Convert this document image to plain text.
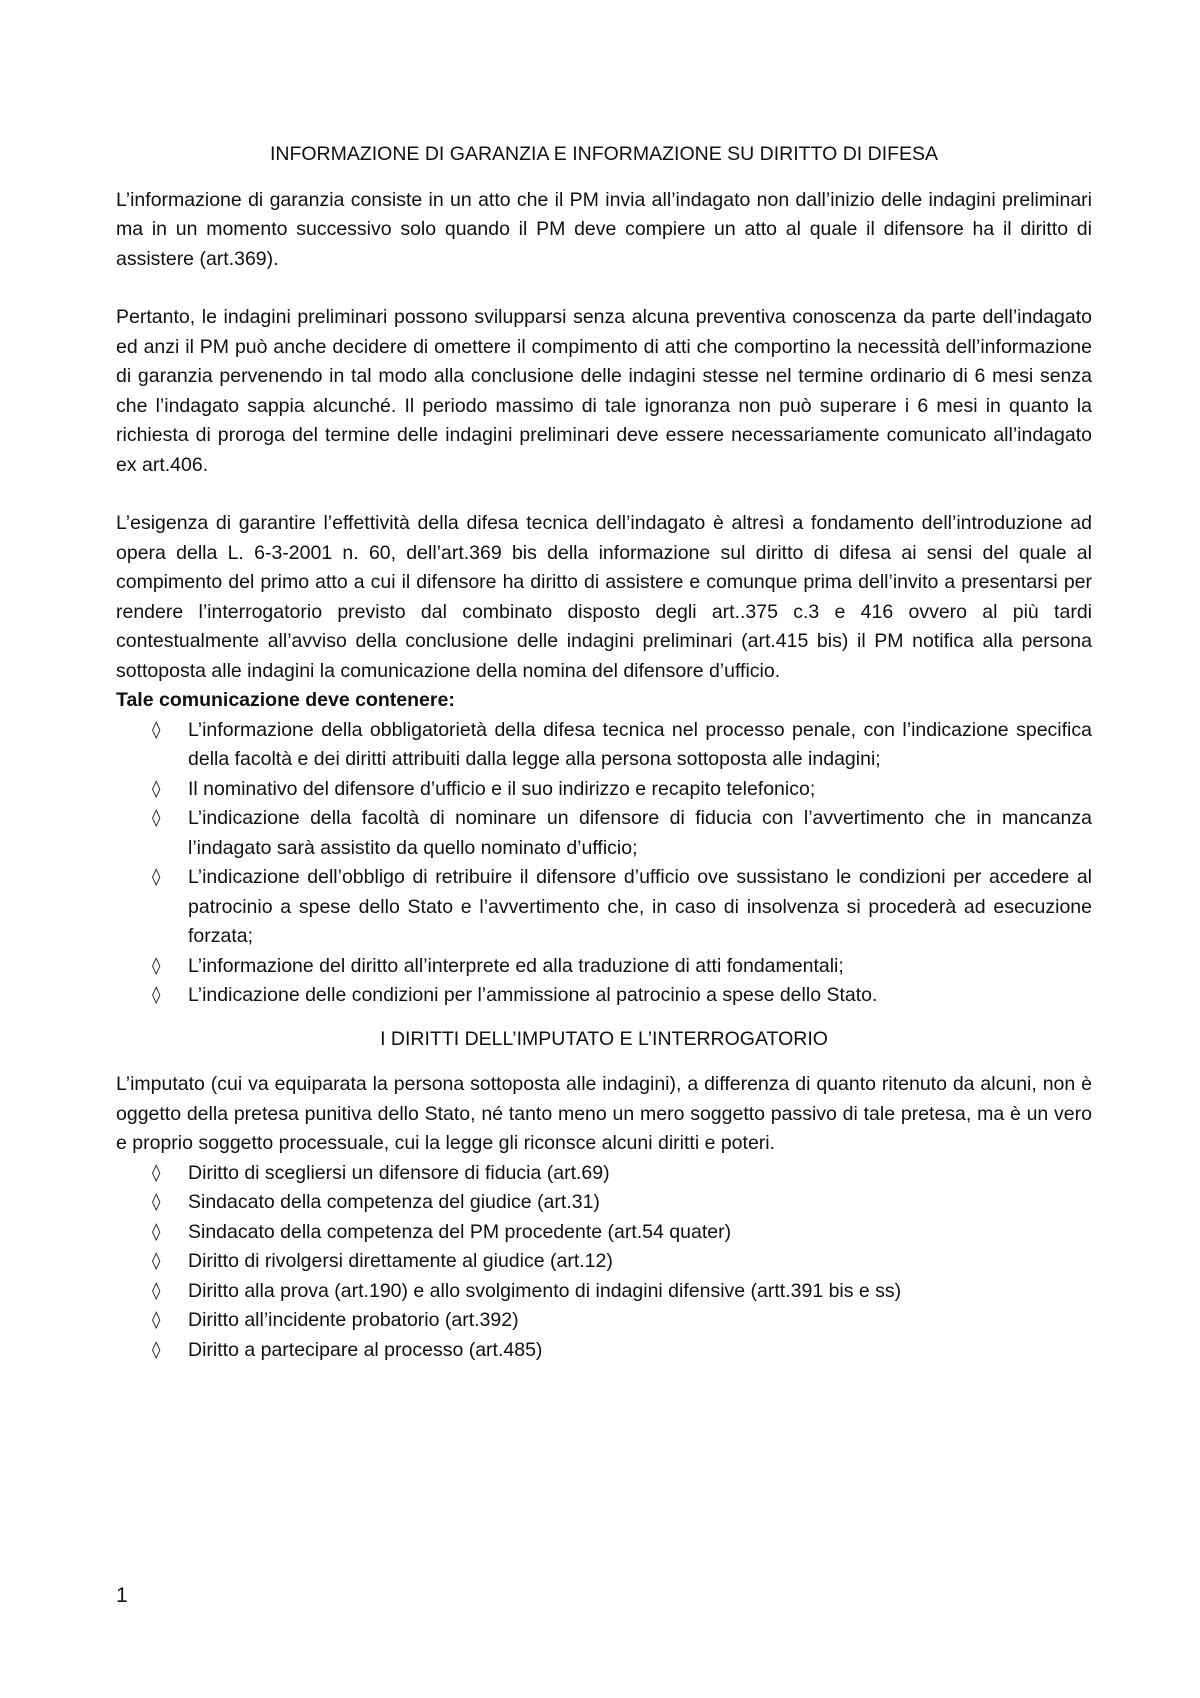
INFORMAZIONE DI GARANZIA E INFORMAZIONE SU DIRITTO DI DIFESA

L’informazione di garanzia consiste in un atto che il PM invia all’indagato non dall’inizio delle indagini preliminari ma in un momento successivo solo quando il PM deve compiere un atto al quale il difensore ha il diritto di assistere (art.369).

Pertanto, le indagini preliminari possono svilupparsi senza alcuna preventiva conoscenza da parte dell’indagato ed anzi il PM può anche decidere di omettere il compimento di atti che comportino la necessità dell’informazione di garanzia pervenendo in tal modo alla conclusione delle indagini stesse nel termine ordinario di 6 mesi senza che l’indagato sappia alcunché. Il periodo massimo di tale ignoranza non può superare i 6 mesi in quanto la richiesta di proroga del termine delle indagini preliminari deve essere necessariamente comunicato all’indagato ex art.406.

L’esigenza di garantire l’effettività della difesa tecnica dell’indagato è altresì a fondamento dell’introduzione ad opera della L. 6-3-2001 n. 60, dell’art.369 bis della informazione sul diritto di difesa ai sensi del quale al compimento del primo atto a cui il difensore ha diritto di assistere e comunque prima dell’invito a presentarsi per rendere l’interrogatorio previsto dal combinato disposto degli art..375 c.3 e 416 ovvero al più tardi contestualmente all’avviso della conclusione delle indagini preliminari (art.415 bis) il PM notifica alla persona sottoposta alle indagini la comunicazione della nomina del difensore d’ufficio.

Tale comunicazione deve contenere:

◊	L’informazione della obbligatorietà della difesa tecnica nel processo penale, con l’indicazione specifica della facoltà e dei diritti attribuiti dalla legge alla persona sottoposta alle indagini;
◊	Il nominativo del difensore d’ufficio e il suo indirizzo e recapito telefonico;
◊	L’indicazione della facoltà di nominare un difensore di fiducia con l’avvertimento che in mancanza l’indagato sarà assistito da quello nominato d’ufficio;
◊	L’indicazione dell’obbligo di retribuire il difensore d’ufficio ove sussistano le condizioni per accedere al patrocinio a spese dello Stato e l’avvertimento che, in caso di insolvenza si procederà ad esecuzione forzata;
◊	L’informazione del diritto all’interprete ed alla traduzione di atti fondamentali;
◊	L’indicazione delle condizioni per l’ammissione al patrocinio a spese dello Stato.

I DIRITTI DELL’IMPUTATO E L’INTERROGATORIO

L’imputato (cui va equiparata la persona sottoposta alle indagini), a differenza di quanto ritenuto da alcuni, non è oggetto della pretesa punitiva dello Stato, né tanto meno un mero soggetto passivo di tale pretesa, ma è un vero e proprio soggetto processuale, cui la legge gli riconsce alcuni diritti e poteri.

◊	Diritto di scegliersi un difensore di fiducia (art.69)
◊	Sindacato della competenza del giudice (art.31)
◊	Sindacato della competenza del PM procedente (art.54 quater)
◊	Diritto di rivolgersi direttamente al giudice (art.12)
◊	Diritto alla prova (art.190) e allo svolgimento di indagini difensive (artt.391 bis e ss)
◊	Diritto all’incidente probatorio (art.392)
◊	Diritto a partecipare al processo (art.485)
1
